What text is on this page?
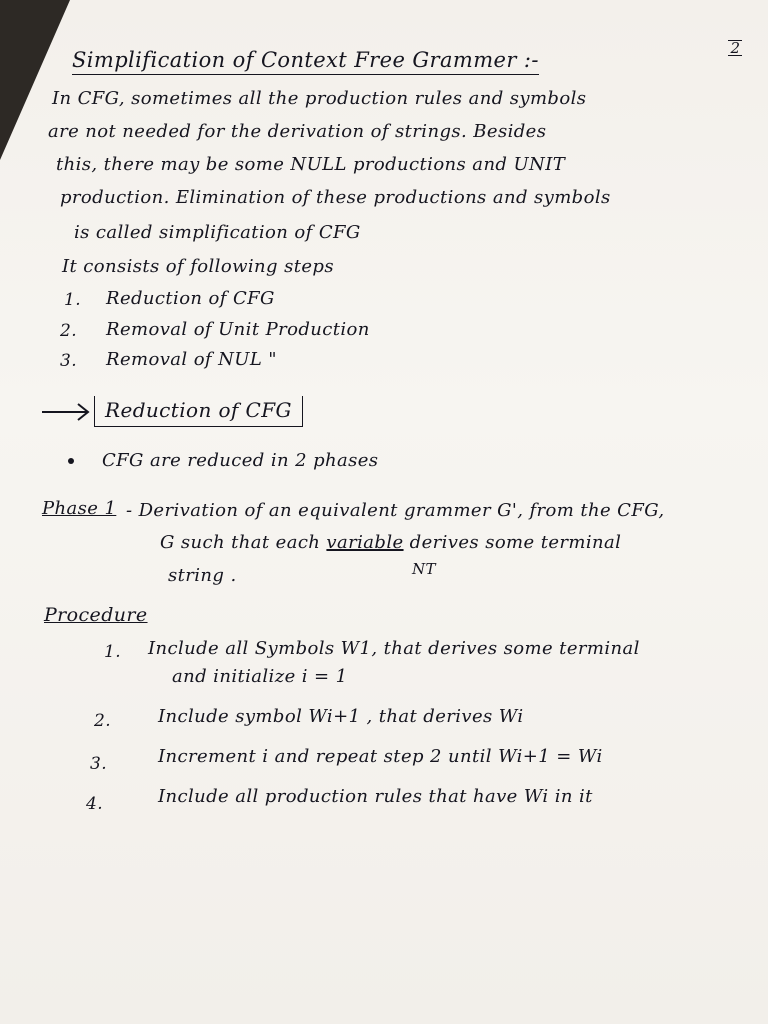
Simplification of Context Free Grammer :-	2
In CFG, sometimes all the production rules and symbols
are not needed for the derivation of strings. Besides
this, there may be some NULL productions and UNIT
production. Elimination of these productions and symbols
is called simplification of CFG
It consists of following steps
1. Reduction of CFG
2. Removal of Unit Production
3. Removal of NUL "
Reduction of CFG
CFG are reduced in 2 phases
Phase 1 - Derivation of an equivalent grammer G', from the CFG,
G such that each variable derives some terminal
string .	NT
Procedure
1. Include all Symbols W1, that derives some terminal
and initialize i = 1
2.	Include symbol Wi+1 , that derives Wi
3.	Increment i and repeat step 2 until Wi+1 = Wi
4.	Include all production rules that have Wi in it
